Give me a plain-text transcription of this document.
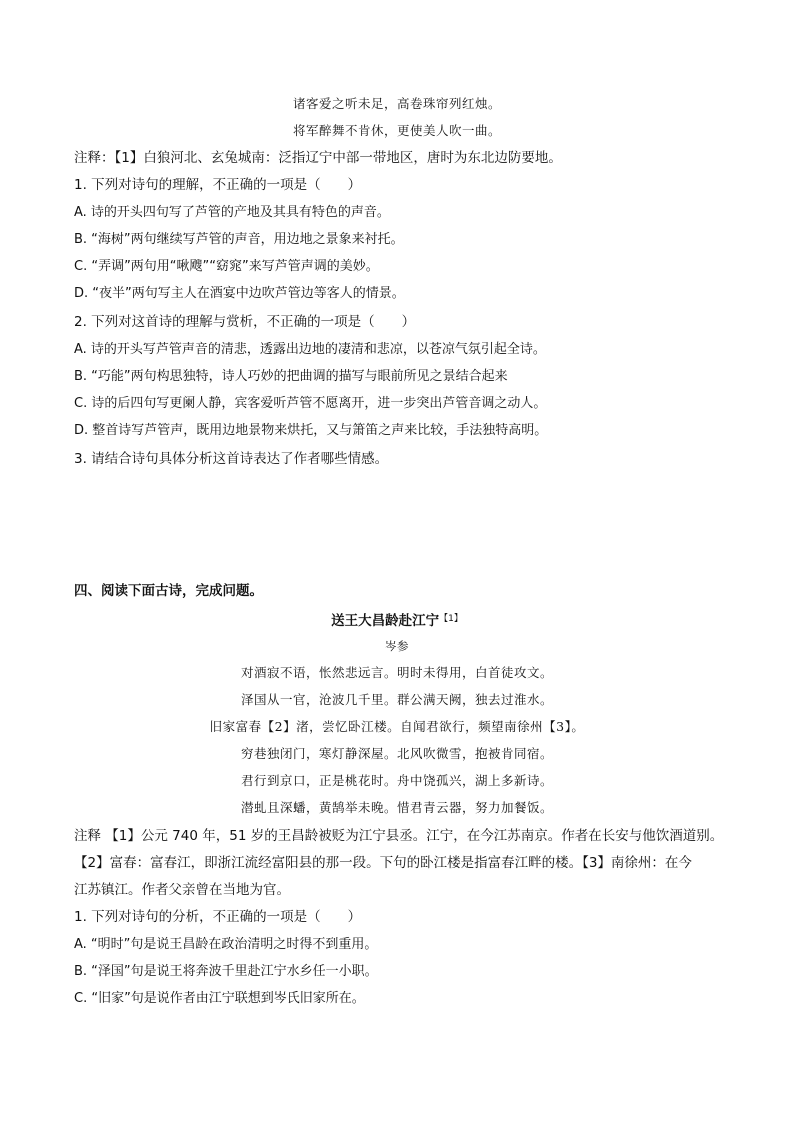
诸客爱之听未足，高卷珠帘列红烛。
将军醉舞不肯休，更使美人吹一曲。
注释：【1】白狼河北、玄兔城南：泛指辽宁中部一带地区，唐时为东北边防要地。
1. 下列对诗句的理解，不正确的一项是（　　）
A. 诗的开头四句写了芦管的产地及其具有特色的声音。
B. “海树”两句继续写芦管的声音，用边地之景象来衬托。
C. “弄调”两句用“啾飕”“窈窕”来写芦管声调的美妙。
D. “夜半”两句写主人在酒宴中边吹芦管边等客人的情景。
2. 下列对这首诗的理解与赏析，不正确的一项是（　　）
A. 诗的开头写芦管声音的清悲，透露出边地的凄清和悲凉，以苍凉气氛引起全诗。
B. “巧能”两句构思独特，诗人巧妙的把曲调的描写与眼前所见之景结合起来
C. 诗的后四句写更阑人静，宾客爱听芦管不愿离开，进一步突出芦管音调之动人。
D. 整首诗写芦管声，既用边地景物来烘托，又与箫笛之声来比较，手法独特高明。
3. 请结合诗句具体分析这首诗表达了作者哪些情感。
四、阅读下面古诗，完成问题。
送王大昌龄赴江宁$^{【1】}$
岑参
对酒寂不语，怅然悲远言。明时未得用，白首徒攻文。
泽国从一官，沧波几千里。群公满天阙，独去过淮水。
旧家富春【2】渚，尝忆卧江楼。自闻君欲行，频望南徐州【3】。
穷巷独闭门，寒灯静深屋。北风吹微雪，抱被肯同宿。
君行到京口，正是桃花时。舟中饶孤兴，湖上多新诗。
潜虬且深蟠，黄鹄举未晚。惜君青云器，努力加餐饭。
注释 【1】公元 740 年，51 岁的王昌龄被贬为江宁县丞。江宁，在今江苏南京。作者在长安与他饮酒道别。
【2】富春：富春江，即浙江流经富阳县的那一段。下句的卧江楼是指富春江畔的楼。【3】南徐州：在今
江苏镇江。作者父亲曾在当地为官。
1. 下列对诗句的分析，不正确的一项是（　　）
A. “明时”句是说王昌龄在政治清明之时得不到重用。
B. “泽国”句是说王将奔波千里赴江宁水乡任一小职。
C. “旧家”句是说作者由江宁联想到岑氏旧家所在。
